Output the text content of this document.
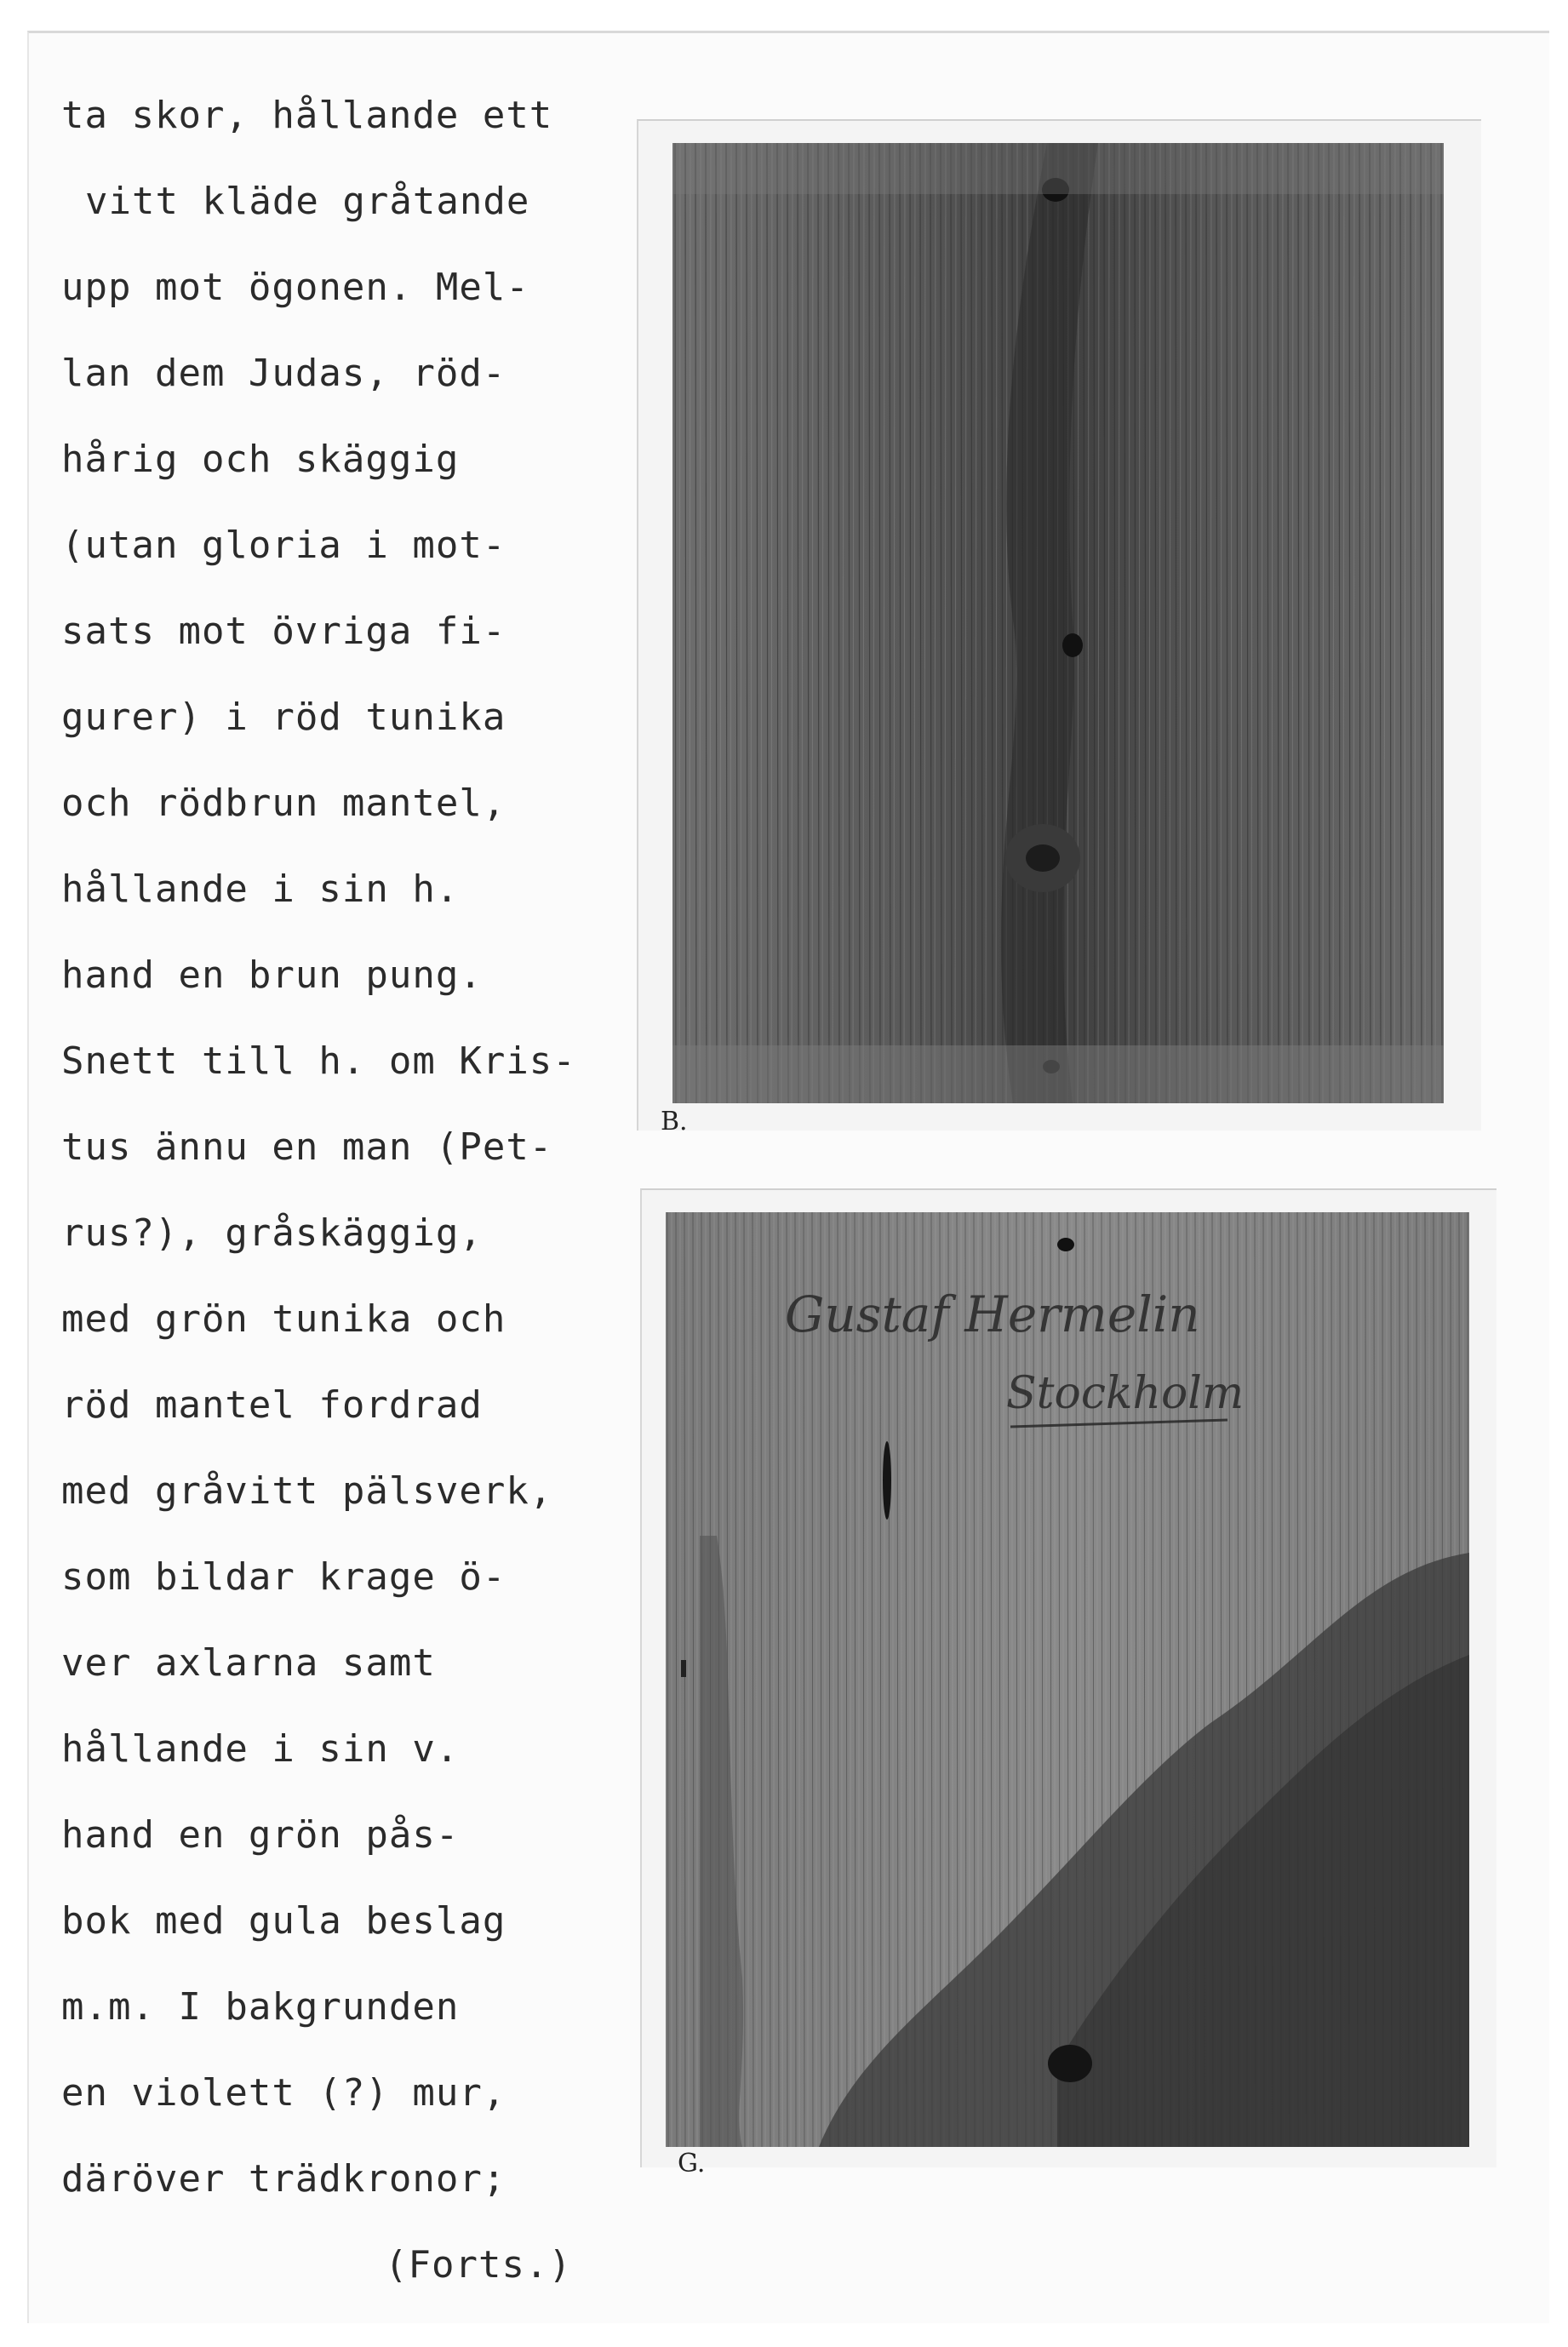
ta skor, hållande ett
vitt kläde gråtande
upp mot ögonen. Mel-
lan dem Judas, röd-
hårig och skäggig
(utan gloria i mot-
sats mot övriga fi-
gurer) i röd tunika
och rödbrun mantel,
hållande i sin h.
hand en brun pung.
Snett till h. om Kris-
tus ännu en man (Pet-
rus?), gråskäggig,
med grön tunika och
röd mantel fordrad
med gråvitt pälsverk,
som bildar krage ö-
ver axlarna samt
hållande i sin v.
hand en grön pås-
bok med gula beslag
m.m. I bakgrunden
en violett (?) mur,
däröver trädkronor;
(Forts.)
B.
Gustaf Hermelin
Stockholm
G.
